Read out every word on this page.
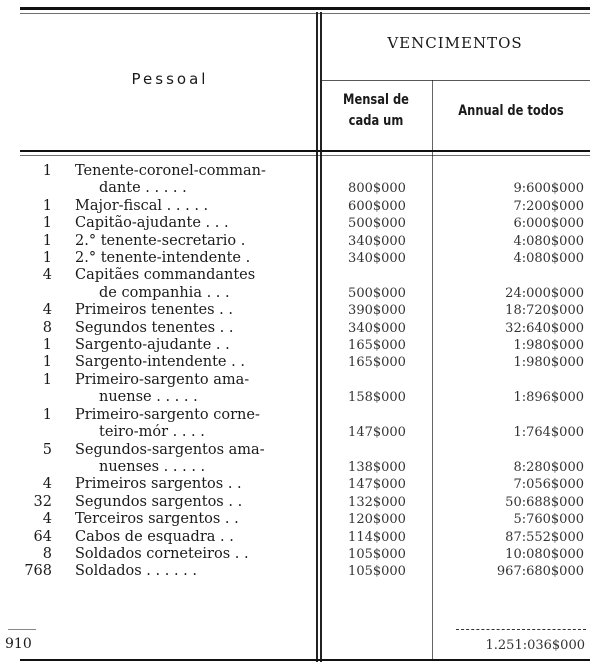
Pessoal
VENCIMENTOS
Mensal de
cada um
Annual de todos
1 Tenente-coronel-comman-
dante . . . . .	800$000	9:600$000
1 Major-fiscal . . . . .	600$000	7:200$000
1 Capitão-ajudante . . .	500$000	6:000$000
1 2.° tenente-secretario .	340$000	4:080$000
1 2.° tenente-intendente .	340$000	4:080$000
4 Capitães commandantes
de companhia . . .	500$000	24:000$000
4 Primeiros tenentes . .	390$000	18:720$000
8 Segundos tenentes . .	340$000	32:640$000
1 Sargento-ajudante . .	165$000	1:980$000
1 Sargento-intendente . .	165$000	1:980$000
1 Primeiro-sargento ama-
nuense . . . . .	158$000	1:896$000
1 Primeiro-sargento corne-
teiro-mór . . . .	147$000	1:764$000
5 Segundos-sargentos ama-
nuenses . . . . .	138$000	8:280$000
4 Primeiros sargentos . .	147$000	7:056$000
32 Segundos sargentos . .	132$000	50:688$000
4 Terceiros sargentos . .	120$000	5:760$000
64 Cabos de esquadra . .	114$000	87:552$000
8 Soldados corneteiros . .	105$000	10:080$000
768 Soldados . . . . . .	105$000	967:680$000
910	1.251:036$000
